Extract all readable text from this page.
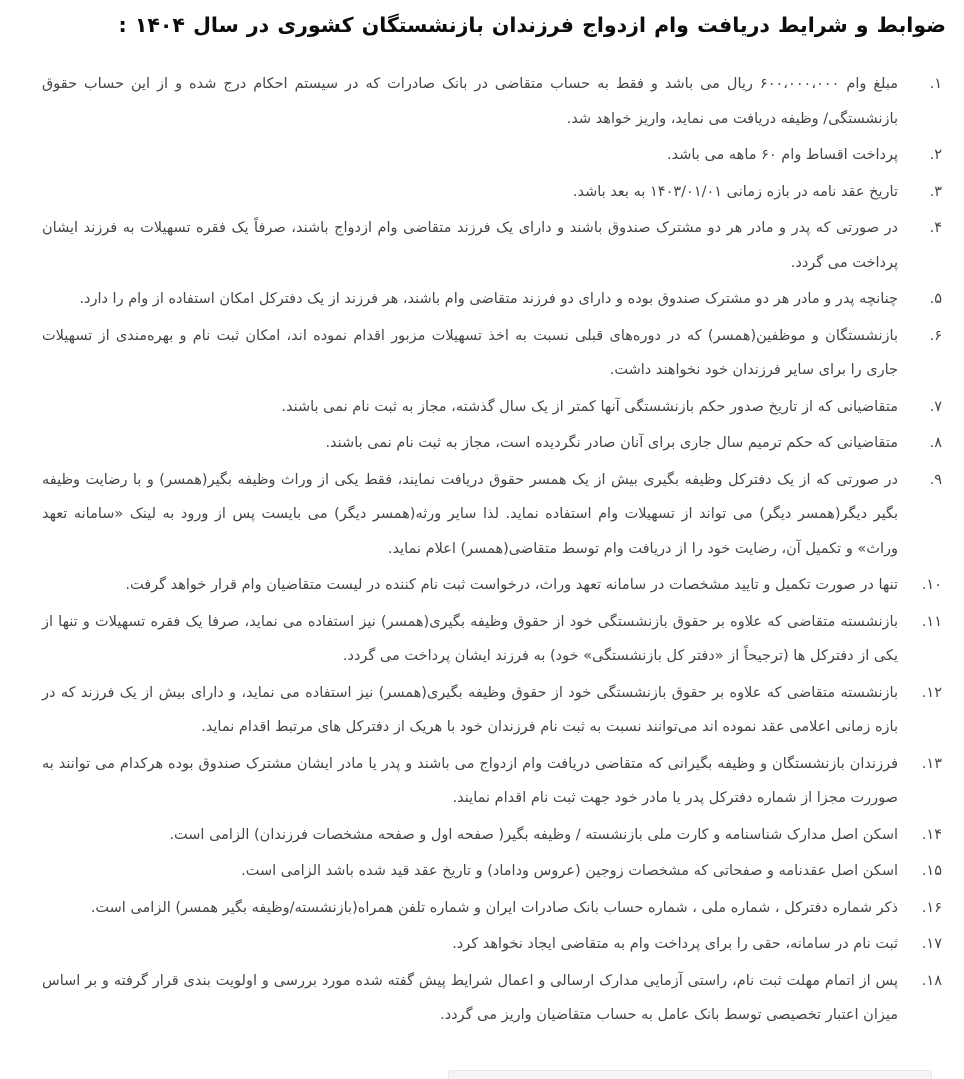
ضوابط و شرایط دریافت وام ازدواج فرزندان بازنشستگان کشوری در سال ۱۴۰۴ :
۱.
مبلغ وام ۶۰۰،۰۰۰،۰۰۰ ریال می باشد و فقط به حساب متقاضی در بانک صادرات که در سیستم احکام درج شده و از این حساب حقوق بازنشستگی/ وظیفه دریافت می نماید، واریز خواهد شد.
۲.
پرداخت اقساط وام ۶۰ ماهه می باشد.
۳.
تاریخ عقد نامه در بازه زمانی ۱۴۰۳/۰۱/۰۱ به بعد باشد.
۴.
در صورتی که پدر و مادر هر دو مشترک صندوق باشند و دارای یک فرزند متقاضی وام ازدواج باشند، صرفاً یک فقره تسهیلات به فرزند ایشان پرداخت می گردد.
۵.
چنانچه پدر و مادر هر دو مشترک صندوق بوده و دارای دو فرزند متقاضی وام باشند، هر فرزند از یک دفترکل امکان استفاده از وام را دارد.
۶.
بازنشستگان و موظفین(همسر) که در دوره‌های قبلی نسبت به اخذ تسهیلات مزبور اقدام نموده اند، امکان ثبت نام و بهره‌مندی از تسهیلات جاری را برای سایر فرزندان خود نخواهند داشت.
۷.
متقاضیانی که از تاریخ صدور حکم بازنشستگی آنها کمتر از یک سال گذشته، مجاز به ثبت نام نمی باشند.
۸.
متقاضیانی که حکم ترمیم سال جاری برای آنان صادر نگردیده است، مجاز به ثبت نام نمی باشند.
۹.
در صورتی که از یک دفترکل وظیفه بگیری بیش از یک همسر حقوق دریافت نمایند، فقط یکی از وراث وظیفه بگیر(همسر) و با رضایت وظیفه بگیر دیگر(همسر دیگر) می تواند از تسهیلات وام استفاده نماید. لذا سایر ورثه(همسر دیگر) می بایست پس از ورود به لینک «سامانه تعهد وراث» و تکمیل آن، رضایت خود را از دریافت وام توسط متقاضی(همسر) اعلام نماید.
۱۰.
تنها در صورت تکمیل و تایید مشخصات در سامانه تعهد وراث، درخواست ثبت نام کننده در لیست متقاضیان وام قرار خواهد گرفت.
۱۱.
بازنشسته متقاضی که علاوه بر حقوق بازنشستگی خود از حقوق وظیفه بگیری(همسر) نیز استفاده می نماید، صرفا یک فقره تسهیلات و تنها از یکی از دفترکل ها (ترجیحاً از «دفتر کل بازنشستگی» خود) به فرزند ایشان پرداخت می گردد.
۱۲.
بازنشسته متقاضی که علاوه بر حقوق بازنشستگی خود از حقوق وظیفه بگیری(همسر) نیز استفاده می نماید، و دارای بیش از یک فرزند که در بازه زمانی اعلامی عقد نموده اند می‌توانند نسبت به ثبت نام فرزندان خود با هریک از دفترکل های مرتبط اقدام نماید.
۱۳.
فرزندان بازنشستگان و وظیفه بگیرانی که متقاضی دریافت وام ازدواج می باشند و پدر یا مادر ایشان مشترک صندوق بوده هرکدام می توانند به صوررت مجزا از شماره دفترکل پدر یا مادر خود جهت ثبت نام اقدام نمایند.
۱۴.
اسکن اصل مدارک شناسنامه و کارت ملی بازنشسته / وظیفه بگیر( صفحه اول و صفحه مشخصات فرزندان) الزامی است.
۱۵.
اسکن اصل عقدنامه و صفحاتی که مشخصات زوجین (عروس وداماد) و تاریخ عقد قید شده باشد الزامی است.
۱۶.
ذکر شماره دفترکل ، شماره ملی ، شماره حساب بانک صادرات ایران و شماره تلفن همراه(بازنشسته/وظیفه بگیر همسر) الزامی است.
۱۷.
ثبت نام در سامانه، حقی را برای پرداخت وام به متقاضی ایجاد نخواهد کرد.
۱۸.
پس از اتمام مهلت ثبت نام، راستی آزمایی مدارک ارسالی و اعمال شرایط پیش گفته شده مورد بررسی و اولویت بندی قرار گرفته و بر اساس میزان اعتبار تخصیصی توسط بانک عامل به حساب متقاضیان واریز می گردد.
